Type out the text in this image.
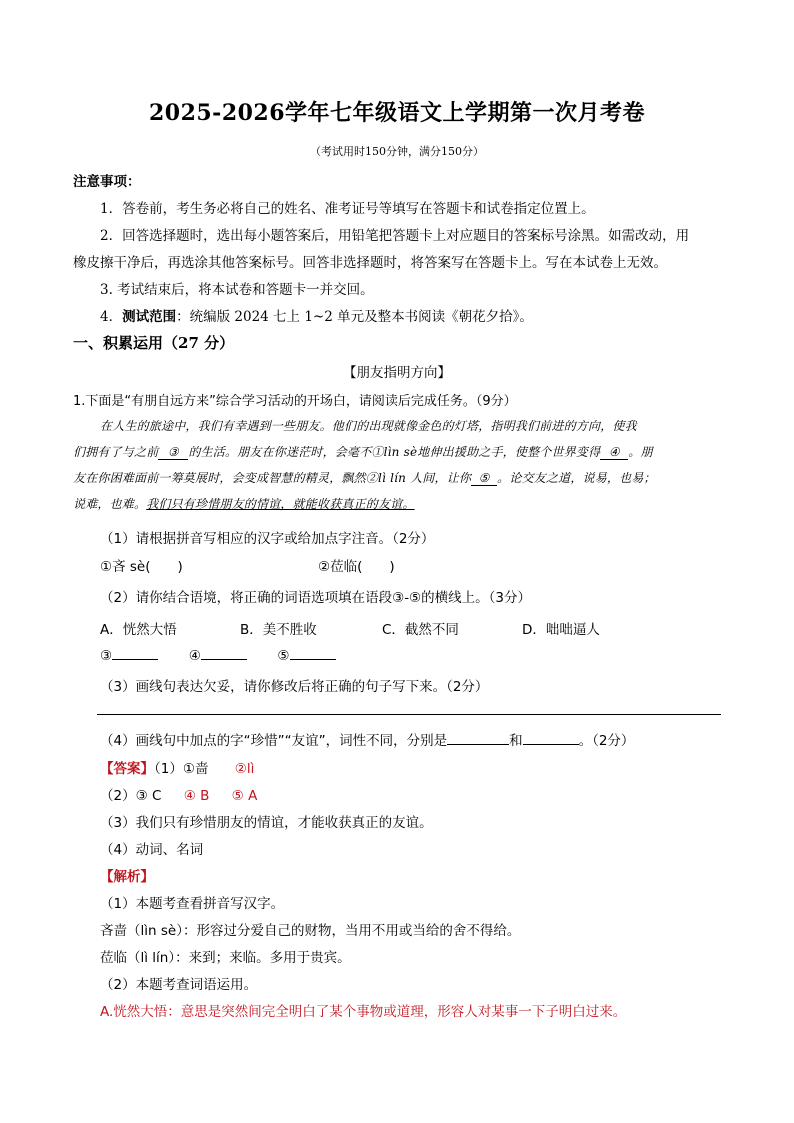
2025-2026学年七年级语文上学期第一次月考卷
（考试用时150分钟，满分150分）
注意事项：
1．答卷前，考生务必将自己的姓名、准考证号等填写在答题卡和试卷指定位置上。
2．回答选择题时，选出每小题答案后，用铅笔把答题卡上对应题目的答案标号涂黑。如需改动，用
橡皮擦干净后，再选涂其他答案标号。回答非选择题时，将答案写在答题卡上。写在本试卷上无效。
3. 考试结束后，将本试卷和答题卡一并交回。
4．测试范围：统编版 2024 七上 1~2 单元及整本书阅读《朝花夕拾》。
一、积累运用（27 分）
【朋友指明方向】
1.下面是“有朋自远方来”综合学习活动的开场白，请阅读后完成任务。（9分）
在人生的旅途中，我们有幸遇到一些朋友。他们的出现就像金色的灯塔，指明我们前进的方向，使我
们拥有了与之前 ③ 的生活。朋友在你迷茫时，会毫不①lìn sè地伸出援助之手，使整个世界变得 ④ 。朋
友在你困难面前一筹莫展时，会变成智慧的精灵，飘然②lì lín 人间，让你 ⑤ 。论交友之道，说易，也易；
说难，也难。我们只有珍惜朋友的情谊，就能收获真正的友谊。
（1）请根据拼音写相应的汉字或给加点字注音。（2分）
①吝 sè(　　)	②莅临(　　)
（2）请你结合语境，将正确的词语选项填在语段③-⑤的横线上。（3分）
A．恍然大悟	B．美不胜收	C．截然不同	D．咄咄逼人
③	④	⑤
（3）画线句表达欠妥，请你修改后将正确的句子写下来。（2分）
（4）画线句中加点的字“珍惜”“友谊”，词性不同，分别是	和	。（2分）
【答案】（1）①啬 ②lì
（2）③ C ④ B ⑤ A
（3）我们只有珍惜朋友的情谊，才能收获真正的友谊。
（4）动词、名词
【解析】
（1）本题考查看拼音写汉字。
吝啬（lìn sè）：形容过分爱自己的财物，当用不用或当给的舍不得给。
莅临（lì lín）：来到；来临。多用于贵宾。
（2）本题考查词语运用。
A.恍然大悟：意思是突然间完全明白了某个事物或道理，形容人对某事一下子明白过来。
